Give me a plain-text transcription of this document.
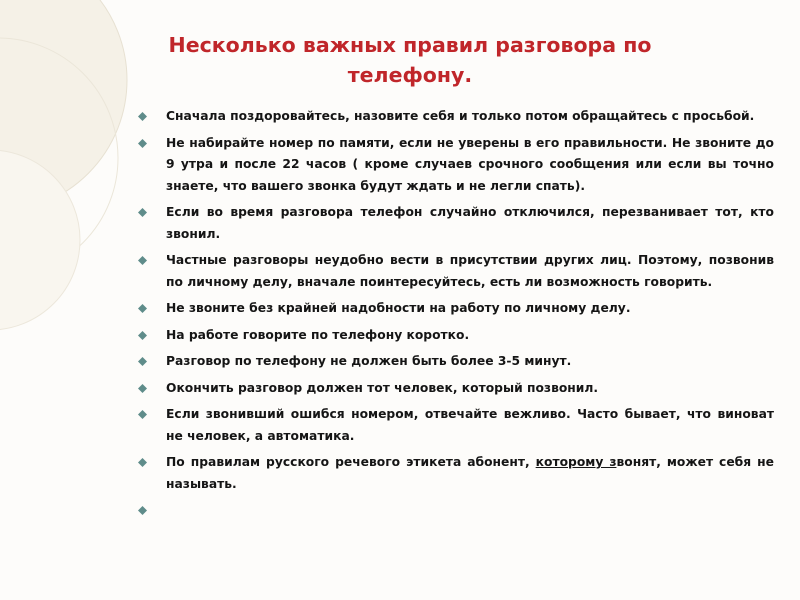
Несколько важных правил разговора по телефону.
Сначала поздоровайтесь, назовите себя и только потом обращайтесь с просьбой.
Не набирайте номер по памяти, если не уверены в его правильности. Не звоните до 9 утра и после 22 часов ( кроме случаев срочного сообщения или если вы точно знаете, что вашего звонка будут ждать и не легли спать).
Если во время разговора телефон случайно отключился, перезванивает тот, кто звонил.
Частные разговоры неудобно вести в присутствии других лиц. Поэтому, позвонив по личному делу, вначале поинтересуйтесь, есть ли возможность говорить.
Не звоните без крайней надобности на работу по личному делу.
На работе говорите по телефону коротко.
Разговор по телефону не должен быть более 3-5 минут.
Окончить разговор должен тот человек, который позвонил.
Если звонивший ошибся номером, отвечайте вежливо. Часто бывает, что виноват не человек, а автоматика.
По правилам русского речевого этикета абонент, которому звонят, может себя не называть.
